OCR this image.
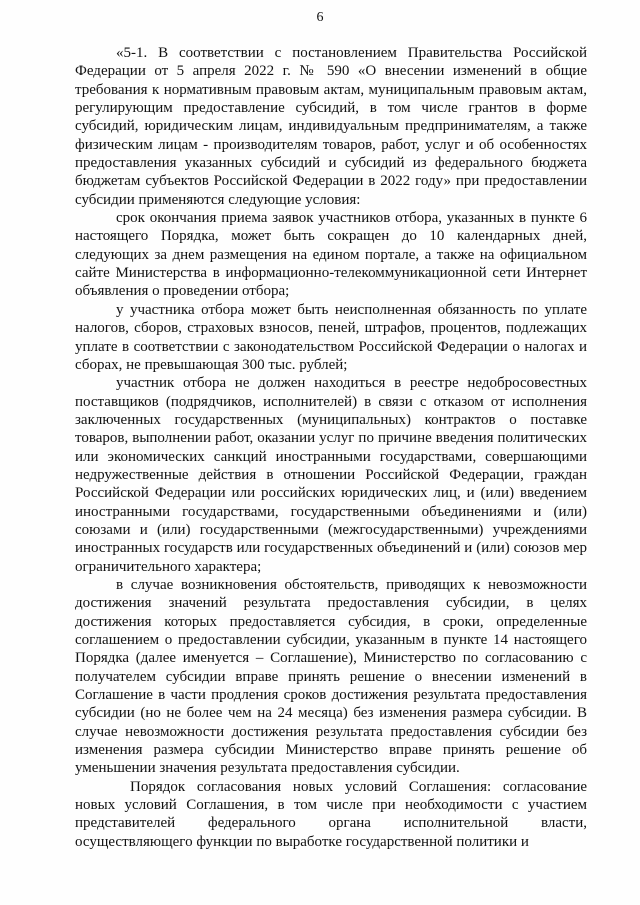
6

«5-1. В соответствии с постановлением Правительства Российской Федерации от 5 апреля 2022 г. № 590 «О внесении изменений в общие требования к нормативным правовым актам, муниципальным правовым актам, регулирующим предоставление субсидий, в том числе грантов в форме субсидий, юридическим лицам, индивидуальным предпринимателям, а также физическим лицам - производителям товаров, работ, услуг и об особенностях предоставления указанных субсидий и субсидий из федерального бюджета бюджетам субъектов Российской Федерации в 2022 году» при предоставлении субсидии применяются следующие условия:

срок окончания приема заявок участников отбора, указанных в пункте 6 настоящего Порядка, может быть сокращен до 10 календарных дней, следующих за днем размещения на едином портале, а также на официальном сайте Министерства в информационно-телекоммуникационной сети Интернет объявления о проведении отбора;

у участника отбора может быть неисполненная обязанность по уплате налогов, сборов, страховых взносов, пеней, штрафов, процентов, подлежащих уплате в соответствии с законодательством Российской Федерации о налогах и сборах, не превышающая 300 тыс. рублей;

участник отбора не должен находиться в реестре недобросовестных поставщиков (подрядчиков, исполнителей) в связи с отказом от исполнения заключенных государственных (муниципальных) контрактов о поставке товаров, выполнении работ, оказании услуг по причине введения политических или экономических санкций иностранными государствами, совершающими недружественные действия в отношении Российской Федерации, граждан Российской Федерации или российских юридических лиц, и (или) введением иностранными государствами, государственными объединениями и (или) союзами и (или) государственными (межгосударственными) учреждениями иностранных государств или государственных объединений и (или) союзов мер ограничительного характера;

в случае возникновения обстоятельств, приводящих к невозможности достижения значений результата предоставления субсидии, в целях достижения которых предоставляется субсидия, в сроки, определенные соглашением о предоставлении субсидии, указанным в пункте 14 настоящего Порядка (далее именуется – Соглашение), Министерство по согласованию с получателем субсидии вправе принять решение о внесении изменений в Соглашение в части продления сроков достижения результата предоставления субсидии (но не более чем на 24 месяца) без изменения размера субсидии. В случае невозможности достижения результата предоставления субсидии без изменения размера субсидии Министерство вправе принять решение об уменьшении значения результата предоставления субсидии.

Порядок согласования новых условий Соглашения: согласование новых условий Соглашения, в том числе при необходимости с участием представителей федерального органа исполнительной власти, осуществляющего функции по выработке государственной политики и
